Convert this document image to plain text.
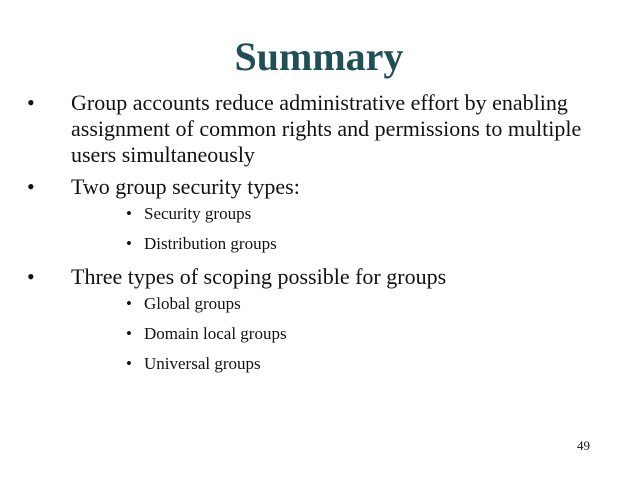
Summary
•
Group accounts reduce administrative effort by enabling assignment of common rights and permissions to multiple users simultaneously
•
Two group security types:
•
Security groups
•
Distribution groups
•
Three types of scoping possible for groups
•
Global groups
•
Domain local groups
•
Universal groups
49
